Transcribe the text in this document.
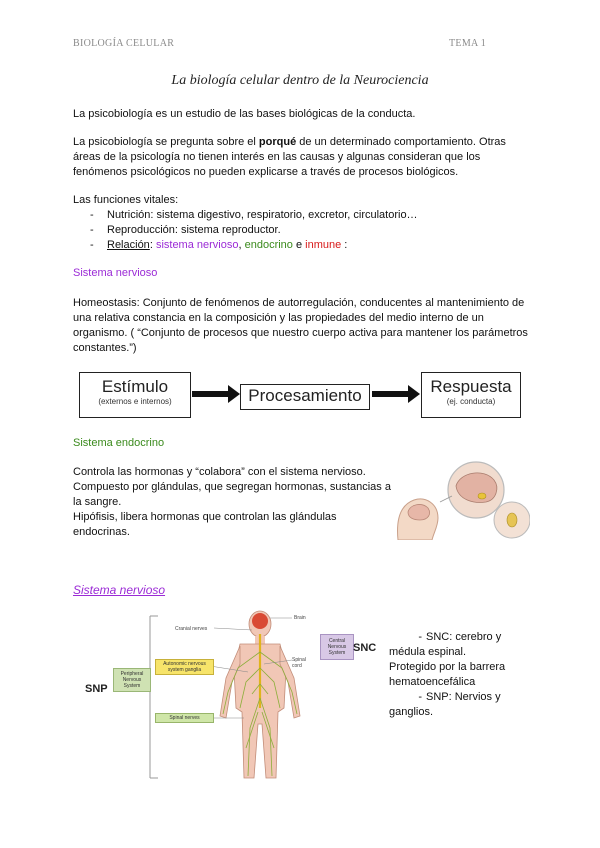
BIOLOGÍA CELULAR	TEMA 1
La biología celular dentro de la Neurociencia
La psicobiología es un estudio de las bases biológicas de la conducta.
La psicobiología se pregunta sobre el porqué de un determinado comportamiento. Otras áreas de la psicología no tienen interés en las causas y algunas consideran que los fenómenos psicológicos no pueden explicarse a través de procesos biológicos.
Las funciones vitales:
- Nutrición: sistema digestivo, respiratorio, excretor, circulatorio…
- Reproducción: sistema reproductor.
- Relación: sistema nervioso, endocrino e inmune :
Sistema nervioso
Homeostasis: Conjunto de fenómenos de autorregulación, conducentes al mantenimiento de una relativa constancia en la composición y las propiedades del medio interno de un organismo. ( “Conjunto de procesos que nuestro cuerpo activa para mantener los parámetros constantes.”)
Estímulo
(externos e internos)	Procesamiento	Respuesta
(ej. conducta)
Sistema endocrino
Controla las hormonas y “colabora” con el sistema nervioso.
Compuesto por glándulas, que segregan hormonas, sustancias a la sangre.
Hipófisis, libera hormonas que controlan las glándulas endocrinas.
Sistema nervioso
Cranial nerves
Brain
Spinal cord
Autonomic nervous system ganglia
Spinal nerves
Peripheral Nervous System
Central Nervous System SNC
SNP
- SNC: cerebro y médula espinal.
Protegido por la barrera hematoencefálica
- SNP: Nervios y ganglios.
